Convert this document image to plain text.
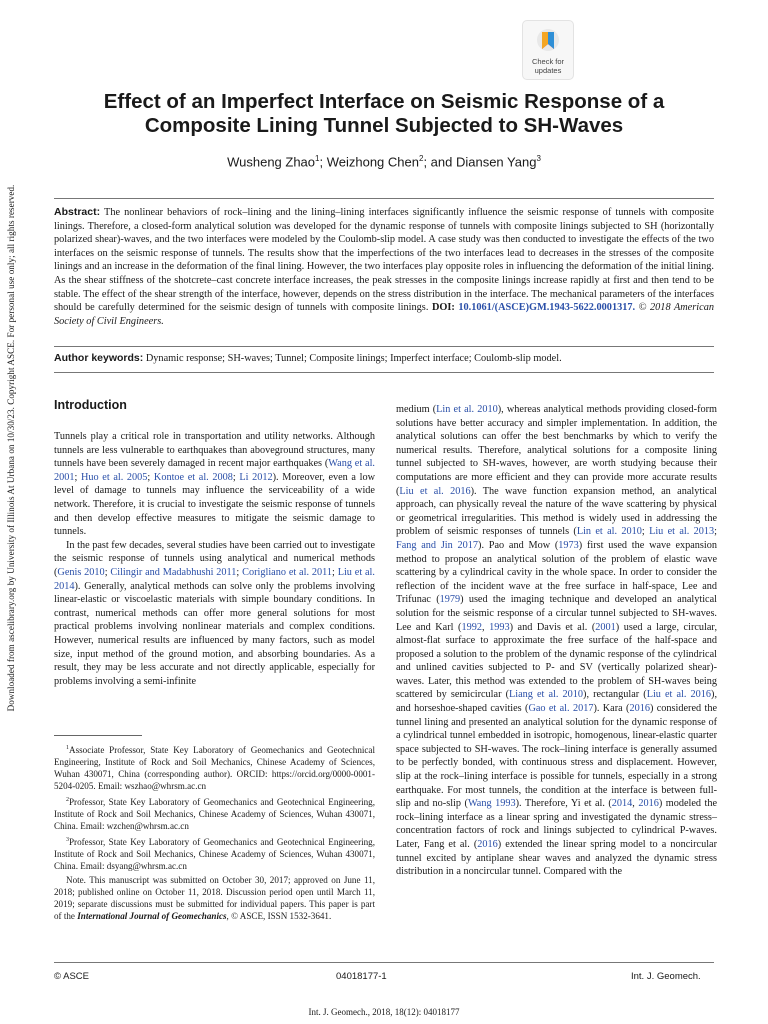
Downloaded from ascelibrary.org by University of Illinois At Urbana on 10/30/23. Copyright ASCE. For personal use only; all rights reserved.
Check for
updates
Effect of an Imperfect Interface on Seismic Response of a
Composite Lining Tunnel Subjected to SH-Waves
Wusheng Zhao$^1$; Weizhong Chen$^2$; and Diansen Yang$^3$
Abstract: The nonlinear behaviors of rock–lining and the lining–lining interfaces significantly influence the seismic response of tunnels with composite linings. Therefore, a closed-form analytical solution was developed for the dynamic response of tunnels with composite linings subjected to SH (horizontally polarized shear)-waves, and the two interfaces were modeled by the Coulomb-slip model. A case study was then conducted to investigate the effects of the two interfaces on the seismic response of tunnels. The results show that the imperfections of the two interfaces lead to decreases in the stresses of the composite linings and an increase in the deformation of the final lining. However, the two interfaces play opposite roles in influencing the deformation of the initial lining. As the shear stiffness of the shotcrete–cast concrete interface increases, the peak stresses in the composite linings increase rapidly at first and then tend to be stable. The effect of the shear strength of the interface, however, depends on the stress distribution in the interface. The mechanical parameters of the interfaces should be carefully determined for the seismic design of tunnels with composite linings. DOI: 10.1061/(ASCE)GM.1943-5622.0001317. © 2018 American Society of Civil Engineers.
Author keywords: Dynamic response; SH-waves; Tunnel; Composite linings; Imperfect interface; Coulomb-slip model.
Introduction

Tunnels play a critical role in transportation and utility networks. Although tunnels are less vulnerable to earthquakes than aboveground structures, many tunnels have been severely damaged in recent major earthquakes (Wang et al. 2001; Huo et al. 2005; Kontoe et al. 2008; Li 2012). Moreover, even a low level of damage to tunnels may influence the serviceability of a wide network. Therefore, it is crucial to investigate the seismic response of tunnels and then develop effective measures to mitigate the seismic damage to tunnels.

In the past few decades, several studies have been carried out to investigate the seismic response of tunnels using analytical and numerical methods (Genis 2010; Cilingir and Madabhushi 2011; Corigliano et al. 2011; Liu et al. 2014). Generally, analytical methods can solve only the problems involving linear-elastic or viscoelastic materials with simple boundary conditions. In contrast, numerical methods can offer more general solutions for most practical problems involving nonlinear materials and complex conditions. However, numerical results are influenced by many factors, such as model size, input method of the ground motion, and absorbing boundaries. As a result, they may be less accurate and not directly applicable, especially for problems involving a semi-infinite

$^1$Associate Professor, State Key Laboratory of Geomechanics and Geotechnical Engineering, Institute of Rock and Soil Mechanics, Chinese Academy of Sciences, Wuhan 430071, China (corresponding author). ORCID: https://orcid.org/0000-0001-5204-0205. Email: wszhao@whrsm.ac.cn

$^2$Professor, State Key Laboratory of Geomechanics and Geotechnical Engineering, Institute of Rock and Soil Mechanics, Chinese Academy of Sciences, Wuhan 430071, China. Email: wzchen@whrsm.ac.cn

$^3$Professor, State Key Laboratory of Geomechanics and Geotechnical Engineering, Institute of Rock and Soil Mechanics, Chinese Academy of Sciences, Wuhan 430071, China. Email: dsyang@whrsm.ac.cn

Note. This manuscript was submitted on October 30, 2017; approved on June 11, 2018; published online on October 11, 2018. Discussion period open until March 11, 2019; separate discussions must be submitted for individual papers. This paper is part of the International Journal of Geomechanics, © ASCE, ISSN 1532-3641.

medium (Lin et al. 2010), whereas analytical methods providing closed-form solutions have better accuracy and simpler implementation. In addition, the analytical solutions can offer the best benchmarks by which to verify the numerical results. Therefore, analytical solutions for a composite lining tunnel subjected to SH-waves, however, are worth studying because their computations are more efficient and they can provide more accurate results (Liu et al. 2016). The wave function expansion method, an analytical approach, can physically reveal the nature of the wave scattering by physical or geometrical irregularities. This method is widely used in addressing the problem of seismic responses of tunnels (Lin et al. 2010; Liu et al. 2013; Fang and Jin 2017). Pao and Mow (1973) first used the wave expansion method to propose an analytical solution of the problem of elastic wave scattering by a cylindrical cavity in the whole space. In order to consider the reflection of the incident wave at the free surface in half-space, Lee and Trifunac (1979) used the imaging technique and developed an analytical solution for the seismic response of a circular tunnel subjected to SH-waves. Lee and Karl (1992, 1993) and Davis et al. (2001) used a large, circular, almost-flat surface to approximate the free surface of the half-space and proposed a solution to the problem of the dynamic response of the cylindrical and unlined cavities subjected to P- and SV (vertically polarized shear)-waves. Later, this method was extended to the problem of SH-waves being scattered by semicircular (Liang et al. 2010), rectangular (Liu et al. 2016), and horseshoe-shaped cavities (Gao et al. 2017). Kara (2016) considered the tunnel lining and presented an analytical solution for the dynamic response of a cylindrical tunnel embedded in isotropic, homogenous, linear-elastic quarter space subjected to SH-waves. The rock–lining interface is generally assumed to be perfectly bonded, with continuous stress and displacement. However, slip at the rock–lining interface is possible for tunnels, especially in a strong earthquake. For most tunnels, the condition at the interface is between full-slip and no-slip (Wang 1993). Therefore, Yi et al. (2014, 2016) modeled the rock–lining interface as a linear spring and investigated the dynamic stress–concentration factors of rock and linings subjected to cylindrical P-waves. Later, Fang et al. (2016) extended the linear spring model to a noncircular tunnel excited by antiplane shear waves and analyzed the dynamic stress distribution in a noncircular tunnel. Compared with the

© ASCE	04018177-1	Int. J. Geomech.
Int. J. Geomech., 2018, 18(12): 04018177
